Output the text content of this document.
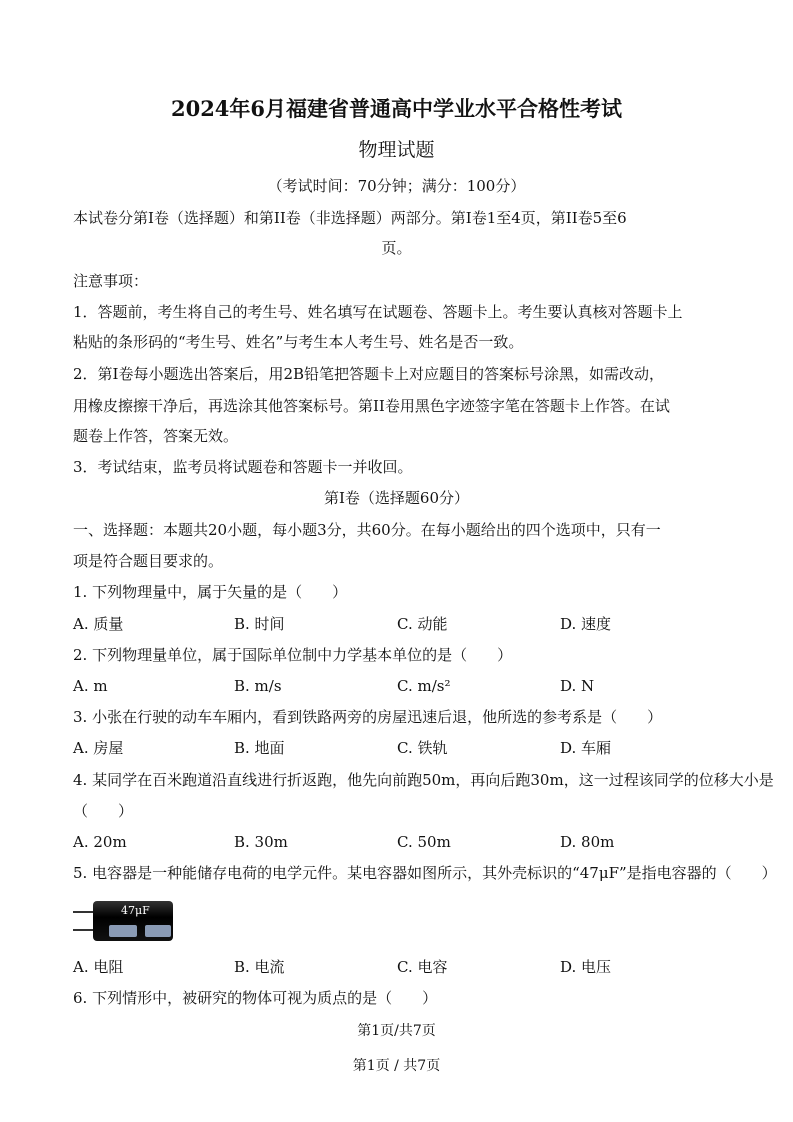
2024年6月福建省普通高中学业水平合格性考试
物理试题
（考试时间：70分钟；满分：100分）
本试卷分第I卷（选择题）和第II卷（非选择题）两部分。第I卷1至4页，第II卷5至6
页。
注意事项：
1．答题前，考生将自己的考生号、姓名填写在试题卷、答题卡上。考生要认真核对答题卡上
粘贴的条形码的“考生号、姓名”与考生本人考生号、姓名是否一致。
2．第I卷每小题选出答案后，用2B铅笔把答题卡上对应题目的答案标号涂黑，如需改动，
用橡皮擦擦干净后，再选涂其他答案标号。第II卷用黑色字迹签字笔在答题卡上作答。在试
题卷上作答，答案无效。
3．考试结束，监考员将试题卷和答题卡一并收回。
第I卷（选择题60分）
一、选择题：本题共20小题，每小题3分，共60分。在每小题给出的四个选项中，只有一
项是符合题目要求的。
1. 下列物理量中，属于矢量的是（　　）
A. 质量	B. 时间	C. 动能	D. 速度
2. 下列物理量单位，属于国际单位制中力学基本单位的是（　　）
A. m	B. m/s	C. m/s²	D. N
3. 小张在行驶的动车车厢内，看到铁路两旁的房屋迅速后退，他所选的参考系是（　　）
A. 房屋	B. 地面	C. 铁轨	D. 车厢
4. 某同学在百米跑道沿直线进行折返跑，他先向前跑50m，再向后跑30m，这一过程该同学的位移大小是
（　　）
A. 20m	B. 30m	C. 50m	D. 80m
5. 电容器是一种能储存电荷的电学元件。某电容器如图所示，其外壳标识的“47μF”是指电容器的（　　）
47μF
A. 电阻	B. 电流	C. 电容	D. 电压
6. 下列情形中，被研究的物体可视为质点的是（　　）
第1页/共7页
第1页 / 共7页
